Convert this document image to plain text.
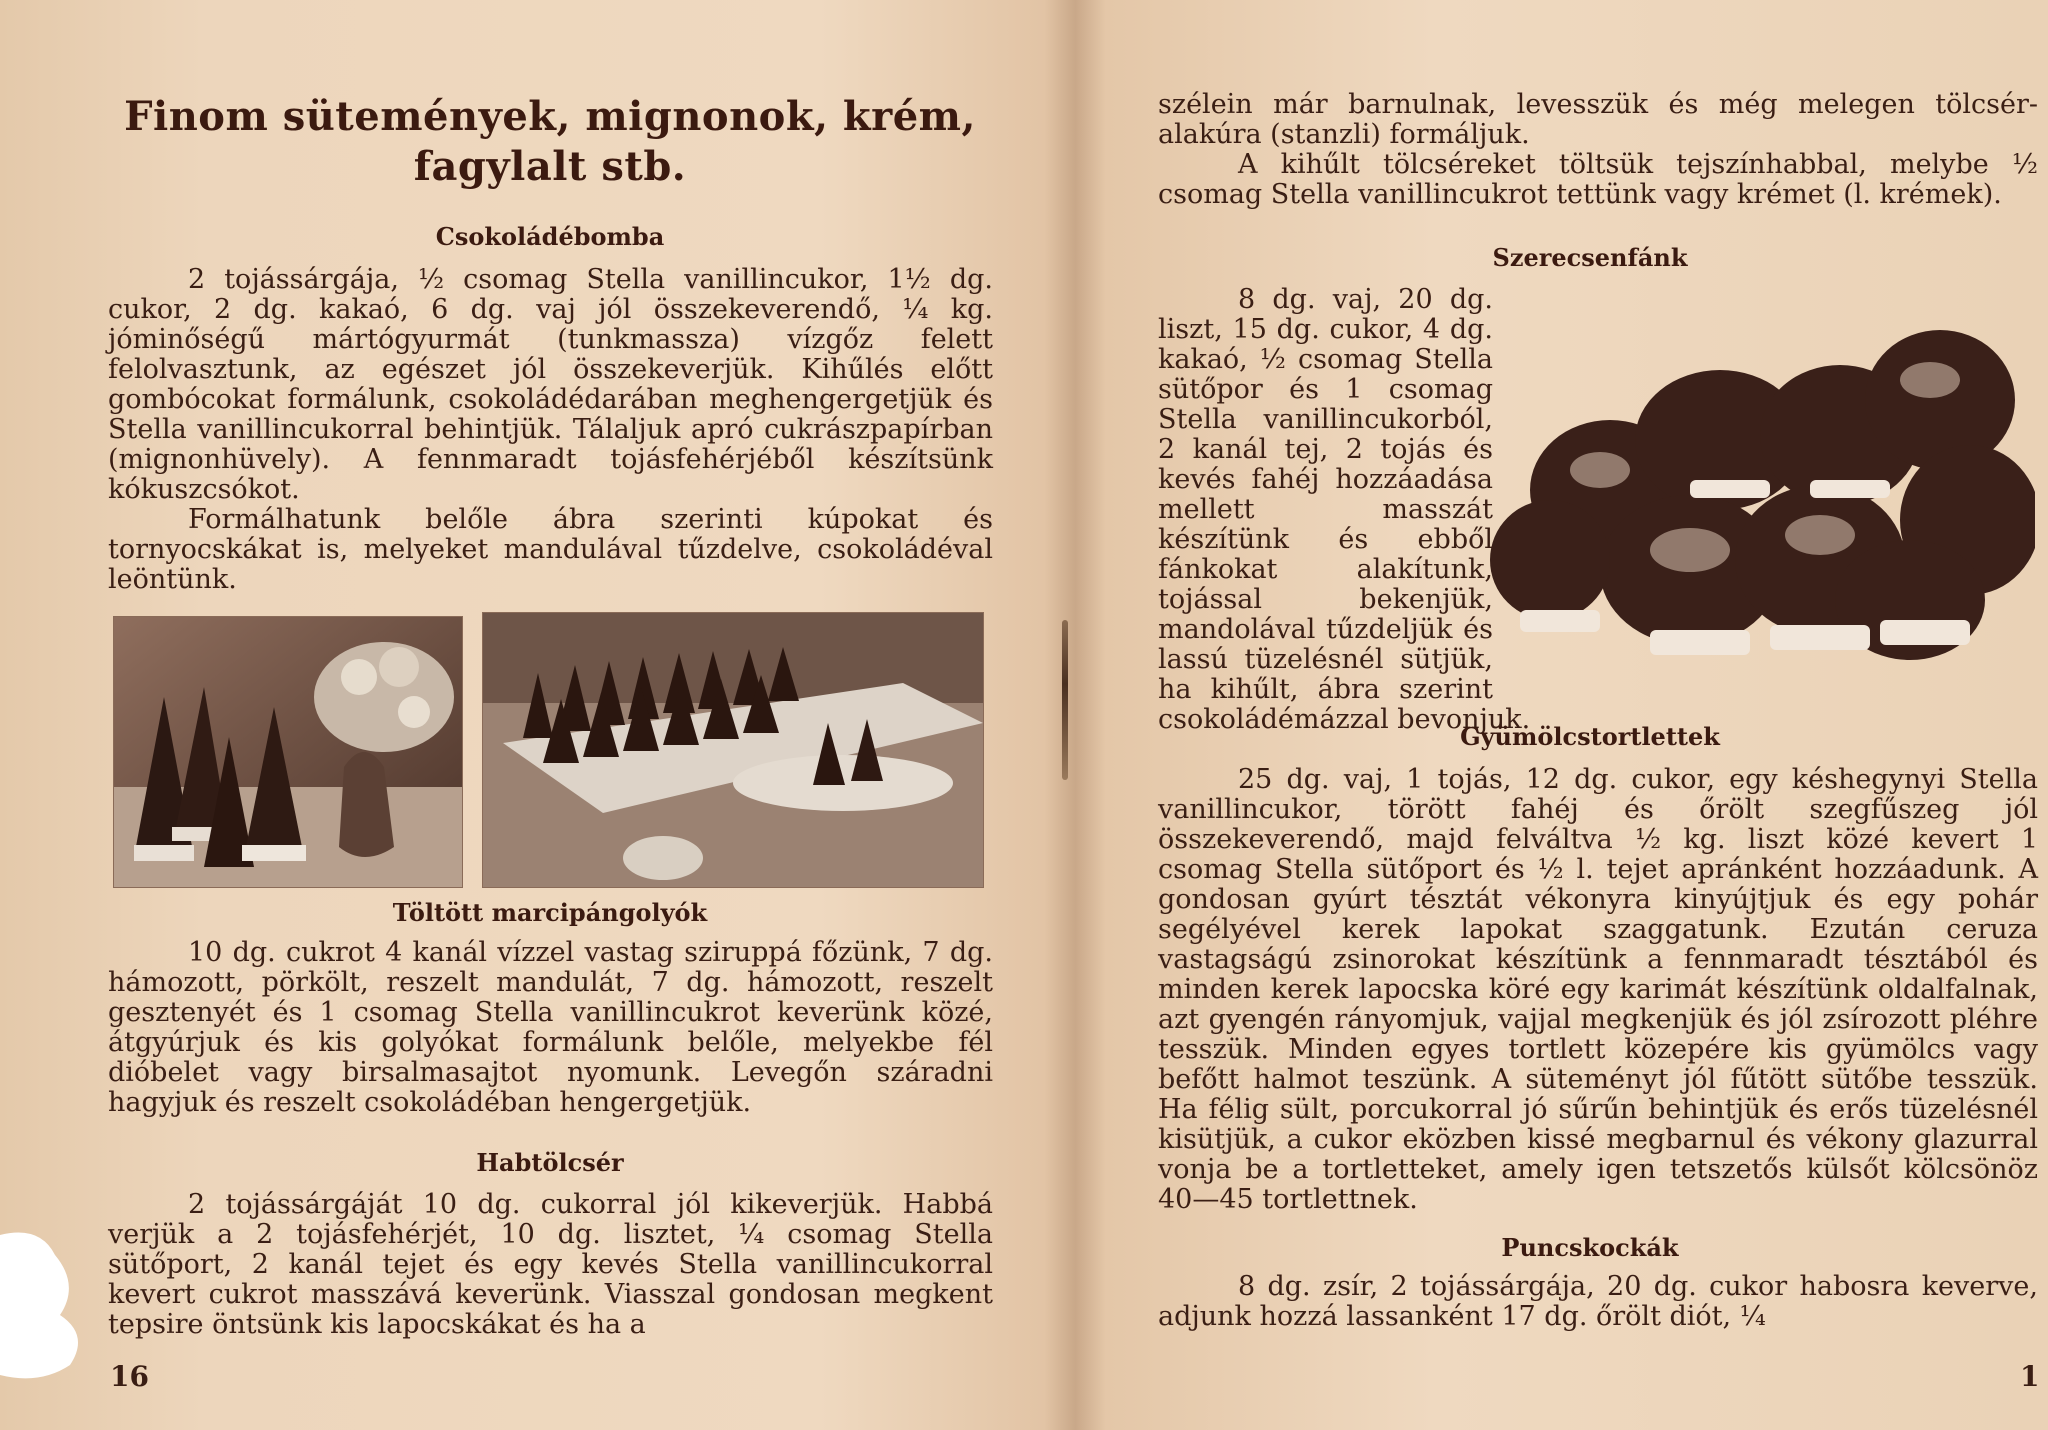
Finom sütemények, mignonok, krém, fagylalt stb.
Csokoládébomba

2 tojássárgája, ½ csomag Stella vanillincukor, 1½ dg. cukor, 2 dg. kakaó, 6 dg. vaj jól összekeverendő, ¼ kg. jóminőségű mártógyurmát (tunkmassza) vízgőz felett felolvasztunk, az egészet jól összekeverjük. Kihűlés előtt gombócokat formálunk, csokoládédarában meghengergetjük és Stella vanillincukorral behintjük. Tálaljuk apró cukrászpapírban (mignonhüvely). A fennmaradt tojásfehérjéből készítsünk kókuszcsókot.

Formálhatunk belőle ábra szerinti kúpokat és tornyocskákat is, melyeket mandulával tűzdelve, csokoládéval leöntünk.

Töltött marcipángolyók

10 dg. cukrot 4 kanál vízzel vastag sziruppá főzünk, 7 dg. hámozott, pörkölt, reszelt mandulát, 7 dg. hámozott, reszelt gesztenyét és 1 csomag Stella vanillincukrot keverünk közé, átgyúrjuk és kis golyókat formálunk belőle, melyekbe fél dióbelet vagy birsalmasajtot nyomunk. Levegőn száradni hagyjuk és reszelt csokoládéban hengergetjük.

Habtölcsér

2 tojássárgáját 10 dg. cukorral jól kikeverjük. Habbá verjük a 2 tojásfehérjét, 10 dg. lisztet, ¼ csomag Stella sütőport, 2 kanál tejet és egy kevés Stella vanillincukorral kevert cukrot masszává keverünk. Viasszal gondosan megkent tepsire öntsünk kis lapocskákat és ha a

16

szélein már barnulnak, levesszük és még melegen tölcsér-alakúra (stanzli) formáljuk.

A kihűlt tölcséreket töltsük tejszínhabbal, melybe ½ csomag Stella vanillincukrot tettünk vagy krémet (l. krémek).

Szerecsenfánk

8 dg. vaj, 20 dg. liszt, 15 dg. cukor, 4 dg. kakaó, ½ csomag Stella sütőpor és 1 csomag Stella vanillincukorból, 2 kanál tej, 2 tojás és kevés fahéj hozzáadása mellett masszát készítünk és ebből fánkokat alakítunk, tojással bekenjük, mandolával tűzdeljük és lassú tüzelésnél sütjük, ha kihűlt, ábra szerint csokoládémázzal bevonjuk.

Gyümölcstortlettek

25 dg. vaj, 1 tojás, 12 dg. cukor, egy késhegynyi Stella vanillincukor, törött fahéj és őrölt szegfűszeg jól összekeverendő, majd felváltva ½ kg. liszt közé kevert 1 csomag Stella sütőport és ½ l. tejet apránként hozzáadunk. A gondosan gyúrt tésztát vékonyra kinyújtjuk és egy pohár segélyével kerek lapokat szaggatunk. Ezután ceruza vastagságú zsinorokat készítünk a fennmaradt tésztából és minden kerek lapocska köré egy karimát készítünk oldalfalnak, azt gyengén rányomjuk, vajjal megkenjük és jól zsírozott pléhre tesszük. Minden egyes tortlett közepére kis gyümölcs vagy befőtt halmot teszünk. A süteményt jól fűtött sütőbe tesszük. Ha félig sült, porcukorral jó sűrűn behintjük és erős tüzelésnél kisütjük, a cukor eközben kissé megbarnul és vékony glazurral vonja be a tortletteket, amely igen tetszetős külsőt kölcsönöz 40—45 tortlettnek.

Puncskockák

8 dg. zsír, 2 tojássárgája, 20 dg. cukor habosra keverve, adjunk hozzá lassanként 17 dg. őrölt diót, ¼

1
